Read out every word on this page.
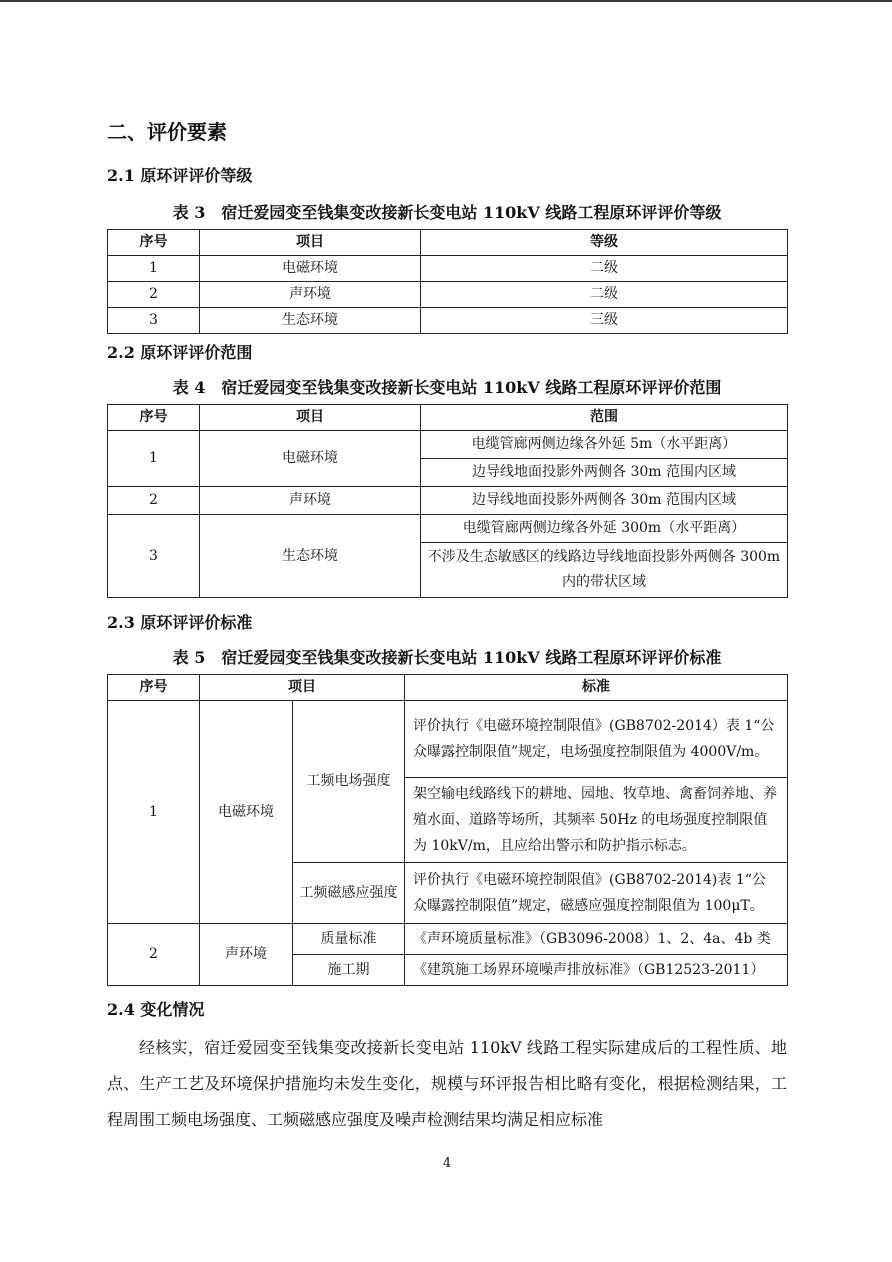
二、评价要素
2.1 原环评评价等级
表 3　宿迁爱园变至钱集变改接新长变电站 110kV 线路工程原环评评价等级
序号	项目	等级
1	电磁环境	二级
2	声环境	二级
3	生态环境	三级
2.2 原环评评价范围
表 4　宿迁爱园变至钱集变改接新长变电站 110kV 线路工程原环评评价范围
序号	项目	范围
1	电磁环境	电缆管廊两侧边缘各外延 5m（水平距离）
		边导线地面投影外两侧各 30m 范围内区域
2	声环境	边导线地面投影外两侧各 30m 范围内区域
3	生态环境	电缆管廊两侧边缘各外延 300m（水平距离）
		不涉及生态敏感区的线路边导线地面投影外两侧各 300m 内的带状区域
2.3 原环评评价标准
表 5　宿迁爱园变至钱集变改接新长变电站 110kV 线路工程原环评评价标准
序号	项目		标准
1	电磁环境	工频电场强度	评价执行《电磁环境控制限值》(GB8702-2014）表 1“公众曝露控制限值”规定，电场强度控制限值为 4000V/m。
			架空输电线路线下的耕地、园地、牧草地、禽畜饲养地、养殖水面、道路等场所，其频率 50Hz 的电场强度控制限值为 10kV/m，且应给出警示和防护指示标志。
		工频磁感应强度	评价执行《电磁环境控制限值》(GB8702-2014)表 1“公众曝露控制限值”规定，磁感应强度控制限值为 100μT。
2	声环境	质量标准	《声环境质量标准》（GB3096-2008）1、2、4a、4b 类
		施工期	《建筑施工场界环境噪声排放标准》（GB12523-2011）
2.4 变化情况
经核实，宿迁爱园变至钱集变改接新长变电站 110kV 线路工程实际建成后的工程性质、地点、生产工艺及环境保护措施均未发生变化，规模与环评报告相比略有变化，根据检测结果，工程周围工频电场强度、工频磁感应强度及噪声检测结果均满足相应标准
4
